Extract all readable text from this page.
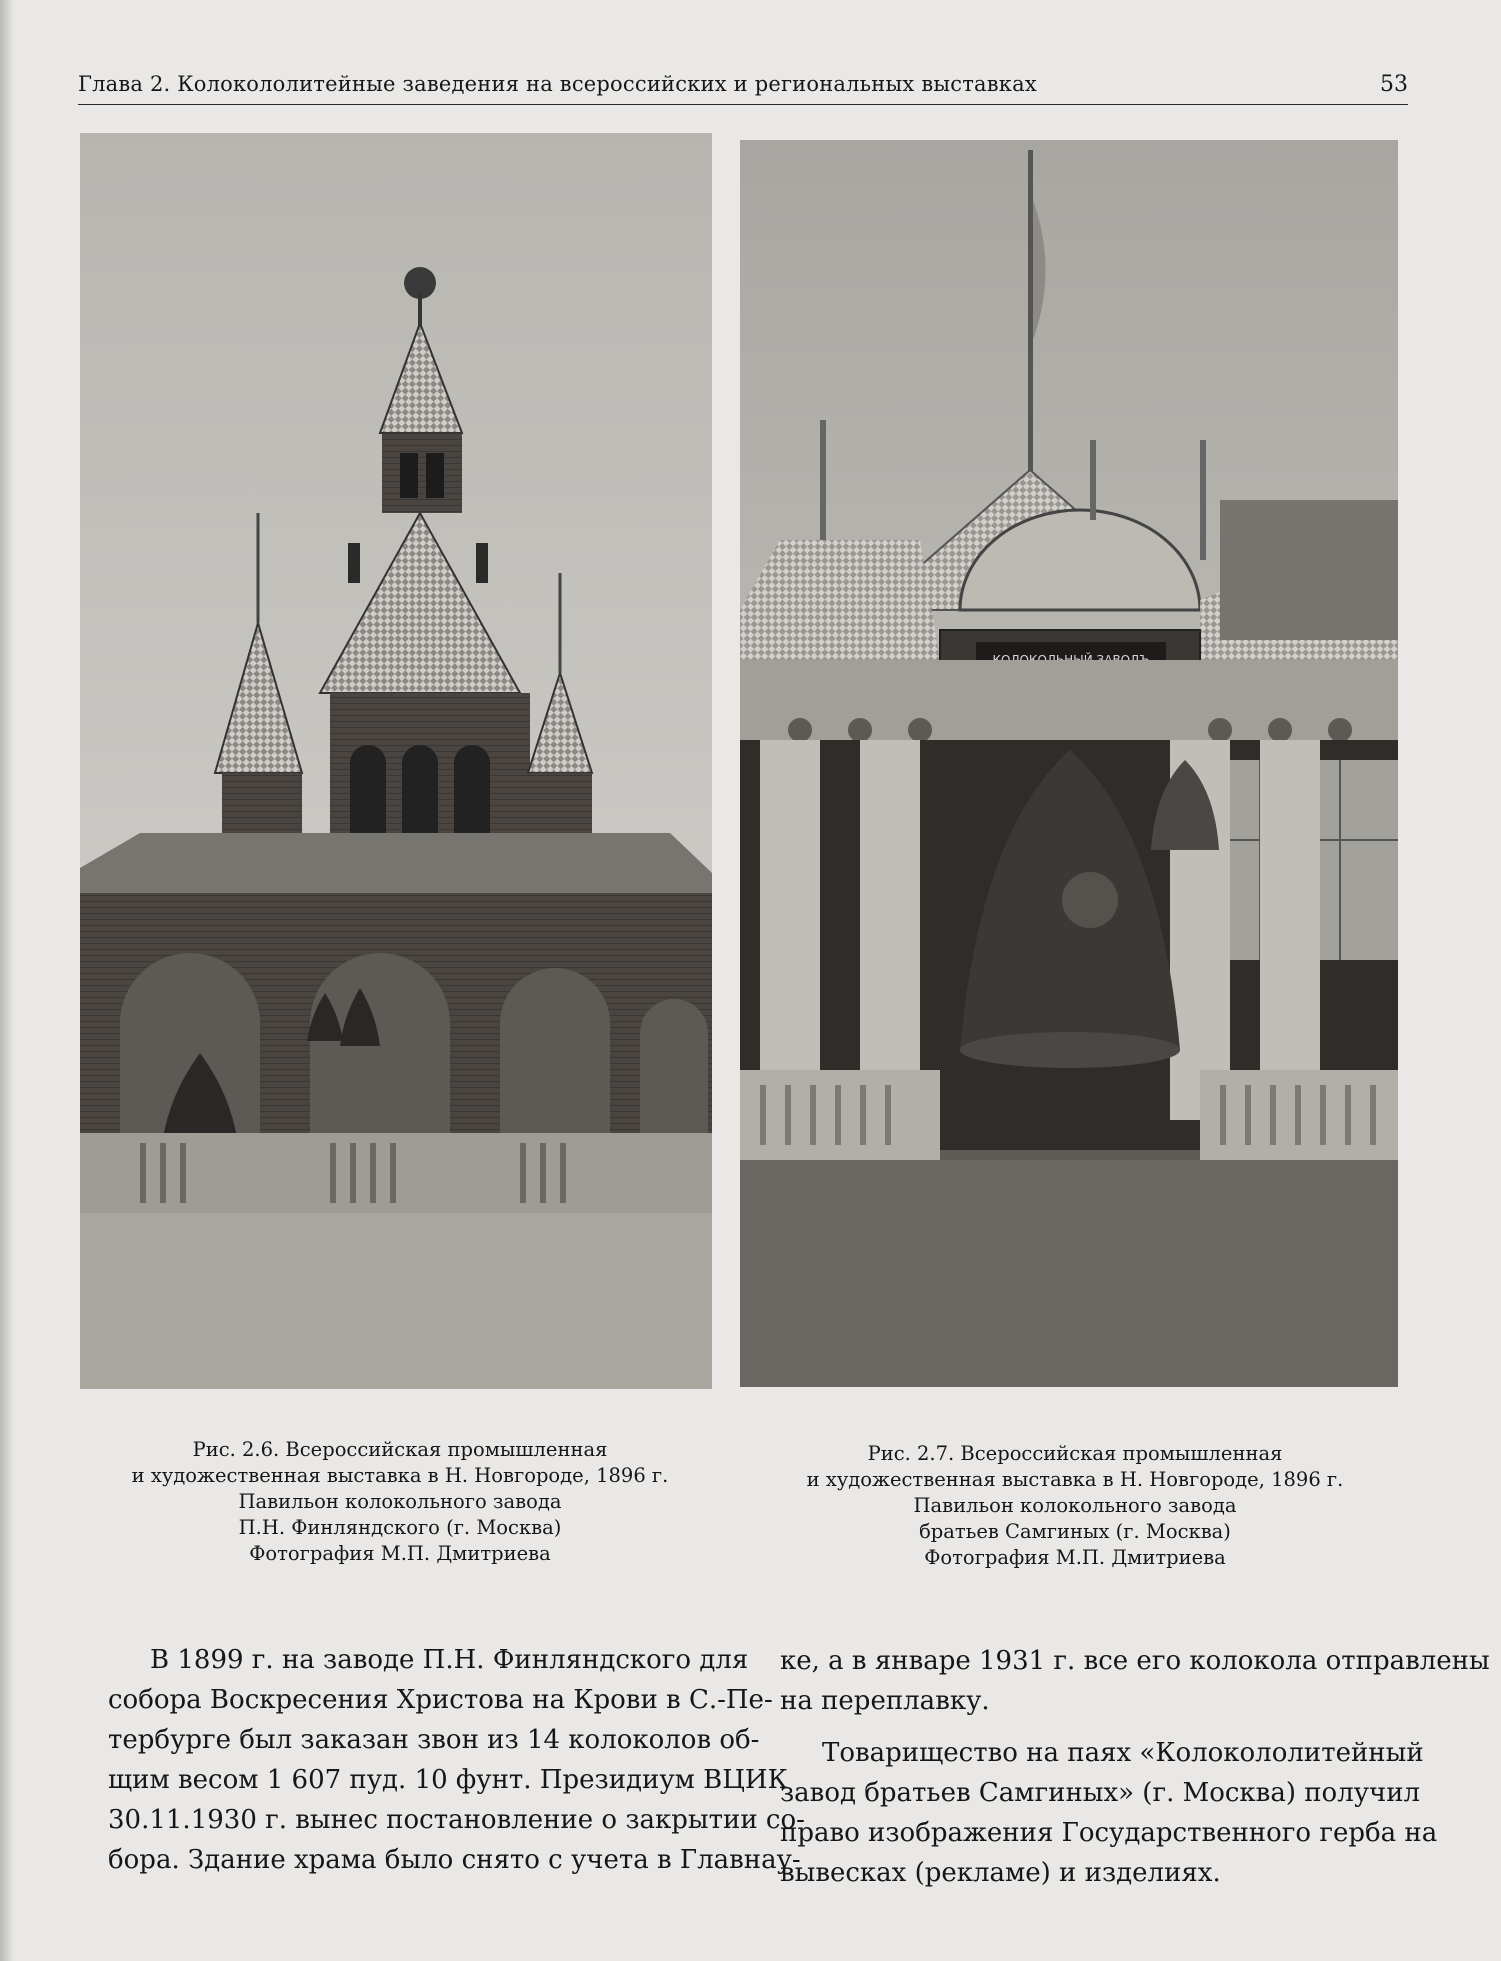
Глава 2. Колокололитейные заведения на всероссийских и региональных выставках	53
Рис. 2.6. Всероссийская промышленная
и художественная выставка в Н. Новгороде, 1896 г.
Павильон колокольного завода
П.Н. Финляндского (г. Москва)
Фотография М.П. Дмитриева
Рис. 2.7. Всероссийская промышленная
и художественная выставка в Н. Новгороде, 1896 г.
Павильон колокольного завода
братьев Самгиных (г. Москва)
Фотография М.П. Дмитриева
В 1899 г. на заводе П.Н. Финляндского для
собора Воскресения Христова на Крови в С.-Пе-
тербурге был заказан звон из 14 колоколов об-
щим весом 1 607 пуд. 10 фунт. Президиум ВЦИК
30.11.1930 г. вынес постановление о закрытии со-
бора. Здание храма было снято с учета в Главнау-
ке, а в январе 1931 г. все его колокола отправлены
на переплавку.
Товарищество на паях «Колокололитейный
завод братьев Самгиных» (г. Москва) получил
право изображения Государственного герба на
вывесках (рекламе) и изделиях.
